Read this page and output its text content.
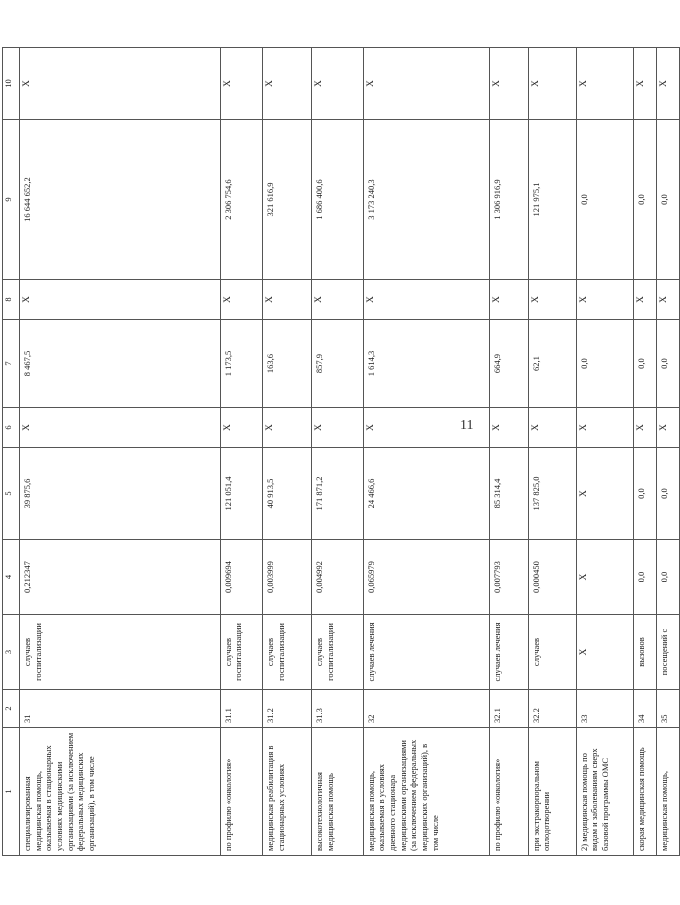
11
1	2	3	4	5	6	7	8	9	10
специализированная медицинская помощь, оказываемая в стационарных условиях медицинскими организациями (за исключением федеральных медицинских организаций), в том числе	31	случаев госпитализации	0,212347	39 875,6	X	8 467,5	X	16 644 652,2	X
по профилю «онкология»	31.1	случаев госпитализации	0,009694	121 051,4	X	1 173,5	X	2 306 754,6	X
медицинская реабилитация в стационарных условиях	31.2	случаев госпитализации	0,003999	40 913,5	X	163,6	X	321 616,9	X
высокотехнологичная медицинская помощь	31.3	случаев госпитализации	0,004992	171 871,2	X	857,9	X	1 686 400,6	X
медицинская помощь, оказываемая в условиях дневного стационара медицинскими организациями (за исключением федеральных медицинских организаций), в том числе	32	случаев лечения	0,065979	24 466,6	X	1 614,3	X	3 173 240,3	X
по профилю «онкология»	32.1	случаев лечения	0,007793	85 314,4	X	664,9	X	1 306 916,9	X
при экстракорпоральном оплодотворении	32.2	случаев	0,000450	137 825,0	X	62,1	X	121 975,1	X
2) медицинская помощь по видам и заболеваниям сверх базовой программы ОМС	33	X	X	X	X	0,0	X	0,0	X
скорая медицинская помощь	34	вызовов	0,0	0,0	X	0,0	X	0,0	X
медицинская помощь,	35	посещений с	0,0	0,0	X	0,0	X	0,0	X
